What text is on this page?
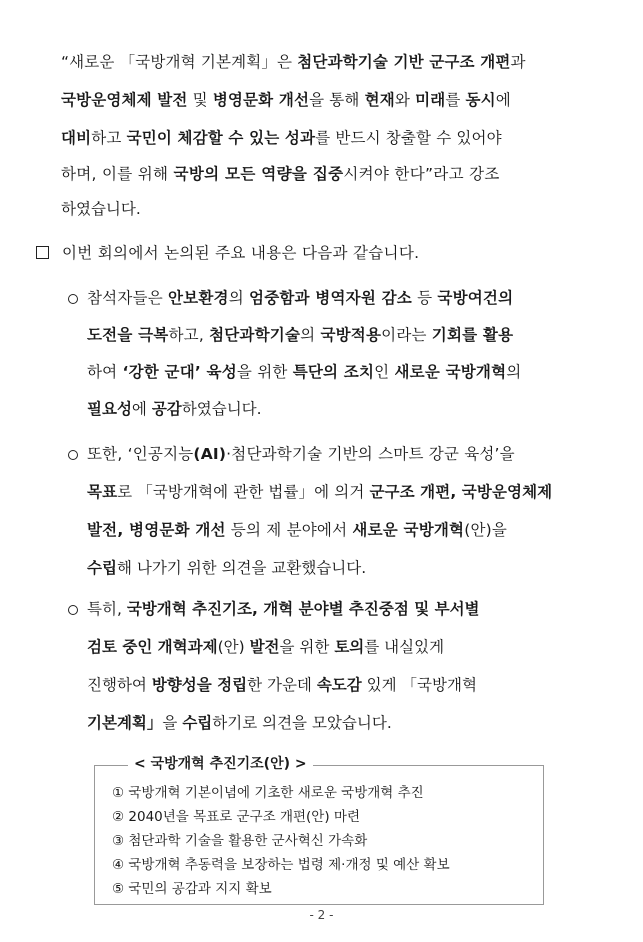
“새로운 「국방개혁 기본계획」은 첨단과학기술 기반 군구조 개편과
국방운영체제 발전 및 병영문화 개선을 통해 현재와 미래를 동시에
대비하고 국민이 체감할 수 있는 성과를 반드시 창출할 수 있어야
하며, 이를 위해 국방의 모든 역량을 집중시켜야 한다”라고 강조
하였습니다.
이번 회의에서 논의된 주요 내용은 다음과 같습니다.
참석자들은 안보환경의 엄중함과 병역자원 감소 등 국방여건의
도전을 극복하고, 첨단과학기술의 국방적용이라는 기회를 활용
하여 ‘강한 군대’ 육성을 위한 특단의 조치인 새로운 국방개혁의
필요성에 공감하였습니다.
또한, ‘인공지능(AI)·첨단과학기술 기반의 스마트 강군 육성’을
목표로 「국방개혁에 관한 법률」에 의거 군구조 개편, 국방운영체제
발전, 병영문화 개선 등의 제 분야에서 새로운 국방개혁(안)을
수립해 나가기 위한 의견을 교환했습니다.
특히, 국방개혁 추진기조, 개혁 분야별 추진중점 및 부서별
검토 중인 개혁과제(안) 발전을 위한 토의를 내실있게
진행하여 방향성을 정립한 가운데 속도감 있게 「국방개혁
기본계획」을 수립하기로 의견을 모았습니다.
< 국방개혁 추진기조(안) >
① 국방개혁 기본이념에 기초한 새로운 국방개혁 추진
② 2040년을 목표로 군구조 개편(안) 마련
③ 첨단과학 기술을 활용한 군사혁신 가속화
④ 국방개혁 추동력을 보장하는 법령 제·개정 및 예산 확보
⑤ 국민의 공감과 지지 확보
- 2 -
